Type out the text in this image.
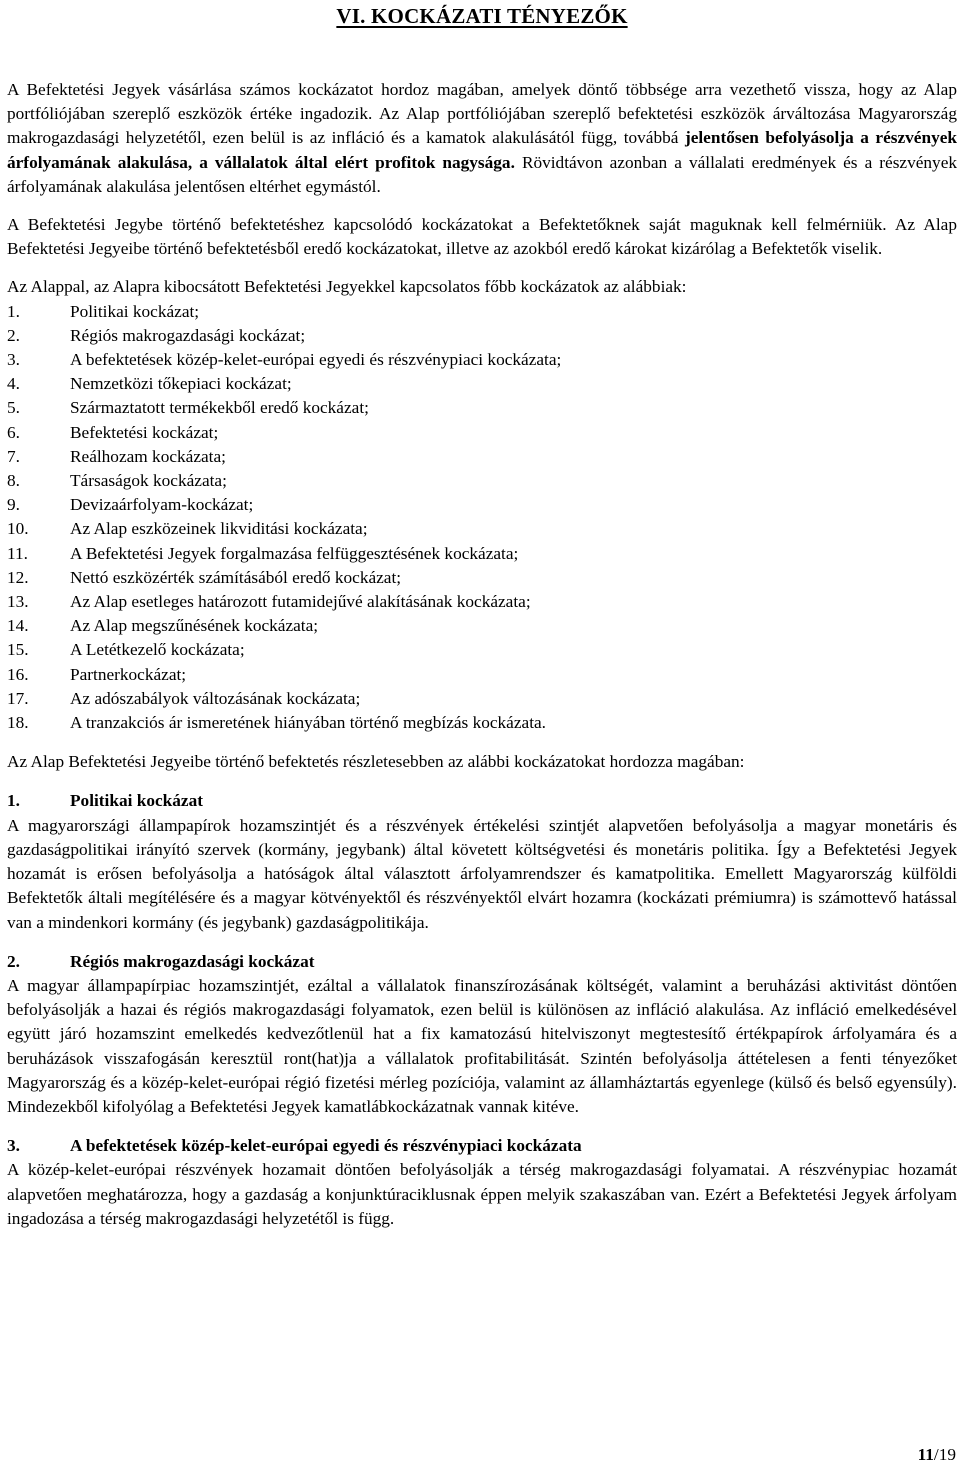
VI. KOCKÁZATI TÉNYEZŐK

A Befektetési Jegyek vásárlása számos kockázatot hordoz magában, amelyek döntő többsége arra vezethető vissza, hogy az Alap portfóliójában szereplő eszközök értéke ingadozik. Az Alap portfóliójában szereplő befektetési eszközök árváltozása Magyarország makrogazdasági helyzetétől, ezen belül is az infláció és a kamatok alakulásától függ, továbbá jelentősen befolyásolja a részvények árfolyamának alakulása, a vállalatok által elért profitok nagysága. Rövidtávon azonban a vállalati eredmények és a részvények árfolyamának alakulása jelentősen eltérhet egymástól.

A Befektetési Jegybe történő befektetéshez kapcsolódó kockázatokat a Befektetőknek saját maguknak kell felmérniük. Az Alap Befektetési Jegyeibe történő befektetésből eredő kockázatokat, illetve az azokból eredő károkat kizárólag a Befektetők viselik.

Az Alappal, az Alapra kibocsátott Befektetési Jegyekkel kapcsolatos főbb kockázatok az alábbiak:

1.	Politikai kockázat;
2.	Régiós makrogazdasági kockázat;
3.	A befektetések közép-kelet-európai egyedi és részvénypiaci kockázata;
4.	Nemzetközi tőkepiaci kockázat;
5.	Származtatott termékekből eredő kockázat;
6.	Befektetési kockázat;
7.	Reálhozam kockázata;
8.	Társaságok kockázata;
9.	Devizaárfolyam-kockázat;
10.	Az Alap eszközeinek likviditási kockázata;
11.	A Befektetési Jegyek forgalmazása felfüggesztésének kockázata;
12.	Nettó eszközérték számításából eredő kockázat;
13.	Az Alap esetleges határozott futamidejűvé alakításának kockázata;
14.	Az Alap megszűnésének kockázata;
15.	A Letétkezelő kockázata;
16.	Partnerkockázat;
17.	Az adószabályok változásának kockázata;
18.	A tranzakciós ár ismeretének hiányában történő megbízás kockázata.

Az Alap Befektetési Jegyeibe történő befektetés részletesebben az alábbi kockázatokat hordozza magában:

1.	Politikai kockázat

A magyarországi állampapírok hozamszintjét és a részvények értékelési szintjét alapvetően befolyásolja a magyar monetáris és gazdaságpolitikai irányító szervek (kormány, jegybank) által követett költségvetési és monetáris politika. Így a Befektetési Jegyek hozamát is erősen befolyásolja a hatóságok által választott árfolyamrendszer és kamatpolitika. Emellett Magyarország külföldi Befektetők általi megítélésére és a magyar kötvényektől és részvényektől elvárt hozamra (kockázati prémiumra) is számottevő hatással van a mindenkori kormány (és jegybank) gazdaságpolitikája.

2.	Régiós makrogazdasági kockázat

A magyar állampapírpiac hozamszintjét, ezáltal a vállalatok finanszírozásának költségét, valamint a beruházási aktivitást döntően befolyásolják a hazai és régiós makrogazdasági folyamatok, ezen belül is különösen az infláció alakulása. Az infláció emelkedésével együtt járó hozamszint emelkedés kedvezőtlenül hat a fix kamatozású hitelviszonyt megtestesítő értékpapírok árfolyamára és a beruházások visszafogásán keresztül ront(hat)ja a vállalatok profitabilitását. Szintén befolyásolja áttételesen a fenti tényezőket Magyarország és a közép-kelet-európai régió fizetési mérleg pozíciója, valamint az államháztartás egyenlege (külső és belső egyensúly). Mindezekből kifolyólag a Befektetési Jegyek kamatlábkockázatnak vannak kitéve.

3.	A befektetések közép-kelet-európai egyedi és részvénypiaci kockázata

A közép-kelet-európai részvények hozamait döntően befolyásolják a térség makrogazdasági folyamatai. A részvénypiac hozamát alapvetően meghatározza, hogy a gazdaság a konjunktúraciklusnak éppen melyik szakaszában van. Ezért a Befektetési Jegyek árfolyam ingadozása a térség makrogazdasági helyzetétől is függ.

11/19
